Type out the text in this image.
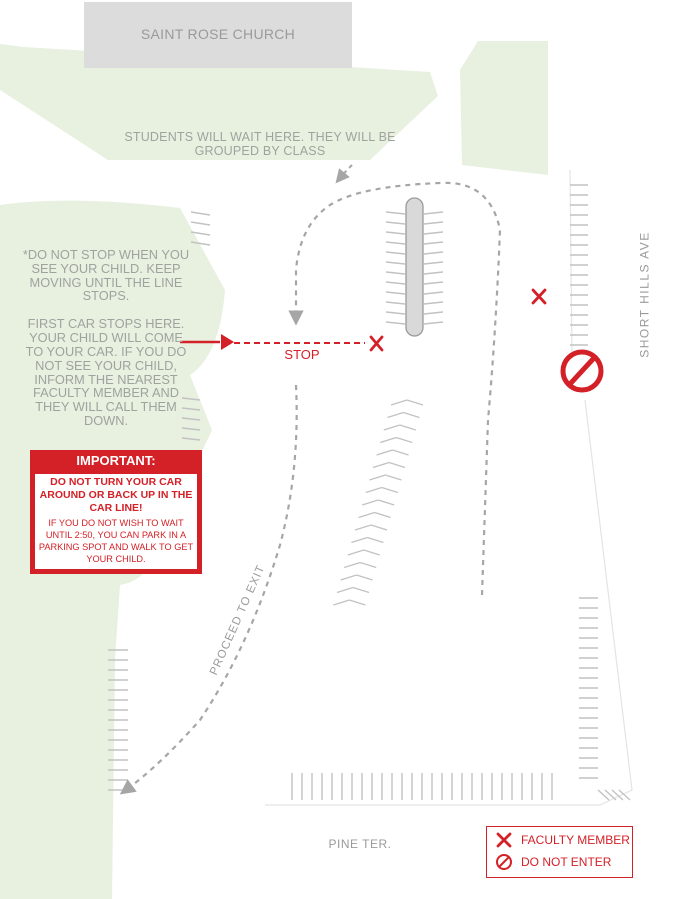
SAINT ROSE CHURCH
STUDENTS WILL WAIT HERE. THEY WILL BE GROUPED BY CLASS
*DO NOT STOP WHEN YOU SEE YOUR CHILD. KEEP MOVING UNTIL THE LINE STOPS.
FIRST CAR STOPS HERE. YOUR CHILD WILL COME TO YOUR CAR. IF YOU DO NOT SEE YOUR CHILD, INFORM THE NEAREST FACULTY MEMBER AND THEY WILL CALL THEM DOWN.
STOP
PROCEED TO EXIT
SHORT HILLS AVE
PINE TER.
IMPORTANT:
DO NOT TURN YOUR CAR AROUND OR BACK UP IN THE CAR LINE!
IF YOU DO NOT WISH TO WAIT UNTIL 2:50, YOU CAN PARK IN A PARKING SPOT AND WALK TO GET YOUR CHILD.
FACULTY MEMBER
DO NOT ENTER
